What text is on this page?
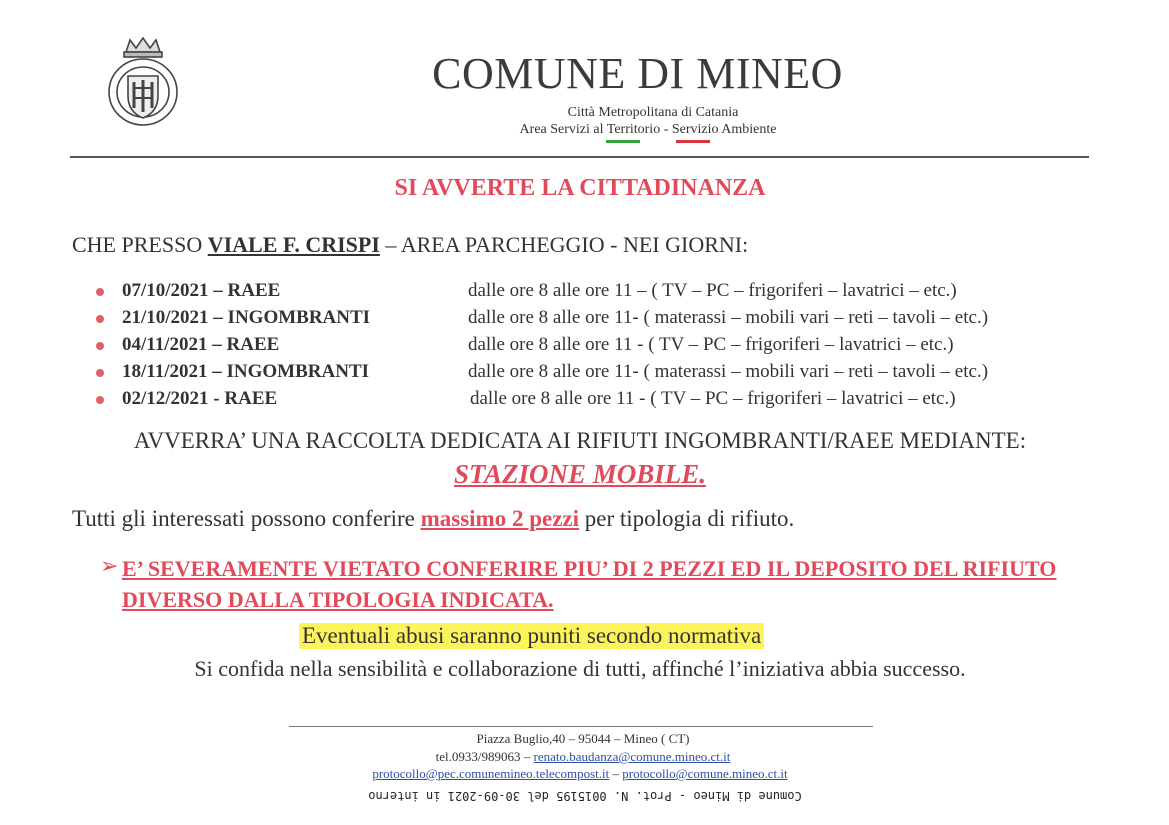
COMUNE DI MINEO
Città Metropolitana di Catania
Area Servizi al Territorio - Servizio Ambiente
SI AVVERTE LA CITTADINANZA
CHE PRESSO VIALE F. CRISPI – AREA PARCHEGGIO - NEI GIORNI:
07/10/2021 – RAEE	dalle ore 8 alle ore 11 – ( TV – PC – frigoriferi – lavatrici – etc.)
21/10/2021 – INGOMBRANTI	dalle ore 8 alle ore 11- ( materassi – mobili vari – reti – tavoli – etc.)
04/11/2021 – RAEE	dalle ore 8 alle ore 11 - ( TV – PC – frigoriferi – lavatrici – etc.)
18/11/2021 – INGOMBRANTI	dalle ore 8 alle ore 11- ( materassi – mobili vari – reti – tavoli – etc.)
02/12/2021 - RAEE	dalle ore 8 alle ore 11 - ( TV – PC – frigoriferi – lavatrici – etc.)
AVVERRA’ UNA RACCOLTA DEDICATA AI RIFIUTI INGOMBRANTI/RAEE MEDIANTE:
STAZIONE MOBILE.
Tutti gli interessati possono conferire massimo 2 pezzi per tipologia di rifiuto.
➢ E’ SEVERAMENTE VIETATO CONFERIRE PIU’ DI 2 PEZZI ED IL DEPOSITO DEL RIFIUTO DIVERSO DALLA TIPOLOGIA INDICATA.
Eventuali abusi saranno puniti secondo normativa
Si confida nella sensibilità e collaborazione di tutti, affinché l’iniziativa abbia successo.
Piazza Buglio,40 – 95044 – Mineo ( CT)
tel.0933/989063 – renato.baudanza@comune.mineo.ct.it
protocollo@pec.comunemineo.telecompost.it – protocollo@comune.mineo.ct.it
Comune di Mineo - Prot. N. 0015195 del 30-09-2021 in interno
